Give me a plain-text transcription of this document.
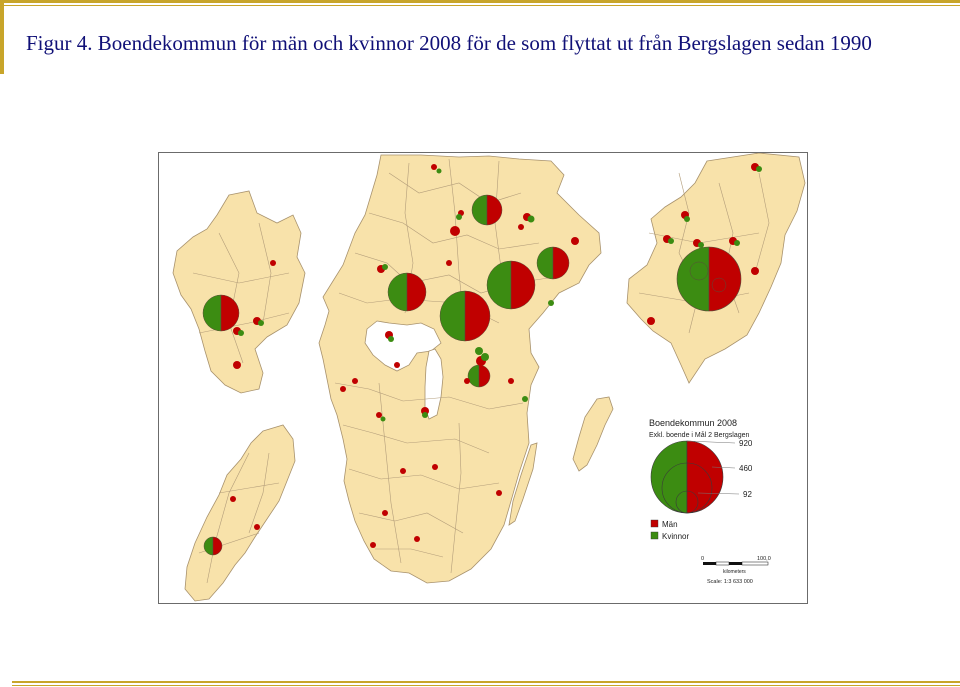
Figur 4. Boendekommun för män och kvinnor 2008 för de som flyttat ut från Bergslagen sedan 1990
Boendekommun 2008
Exkl. boende i Mål 2 Bergslagen
920
460
92
Män
Kvinnor
0	100,0
kilometers
Scale: 1:3 633 000
